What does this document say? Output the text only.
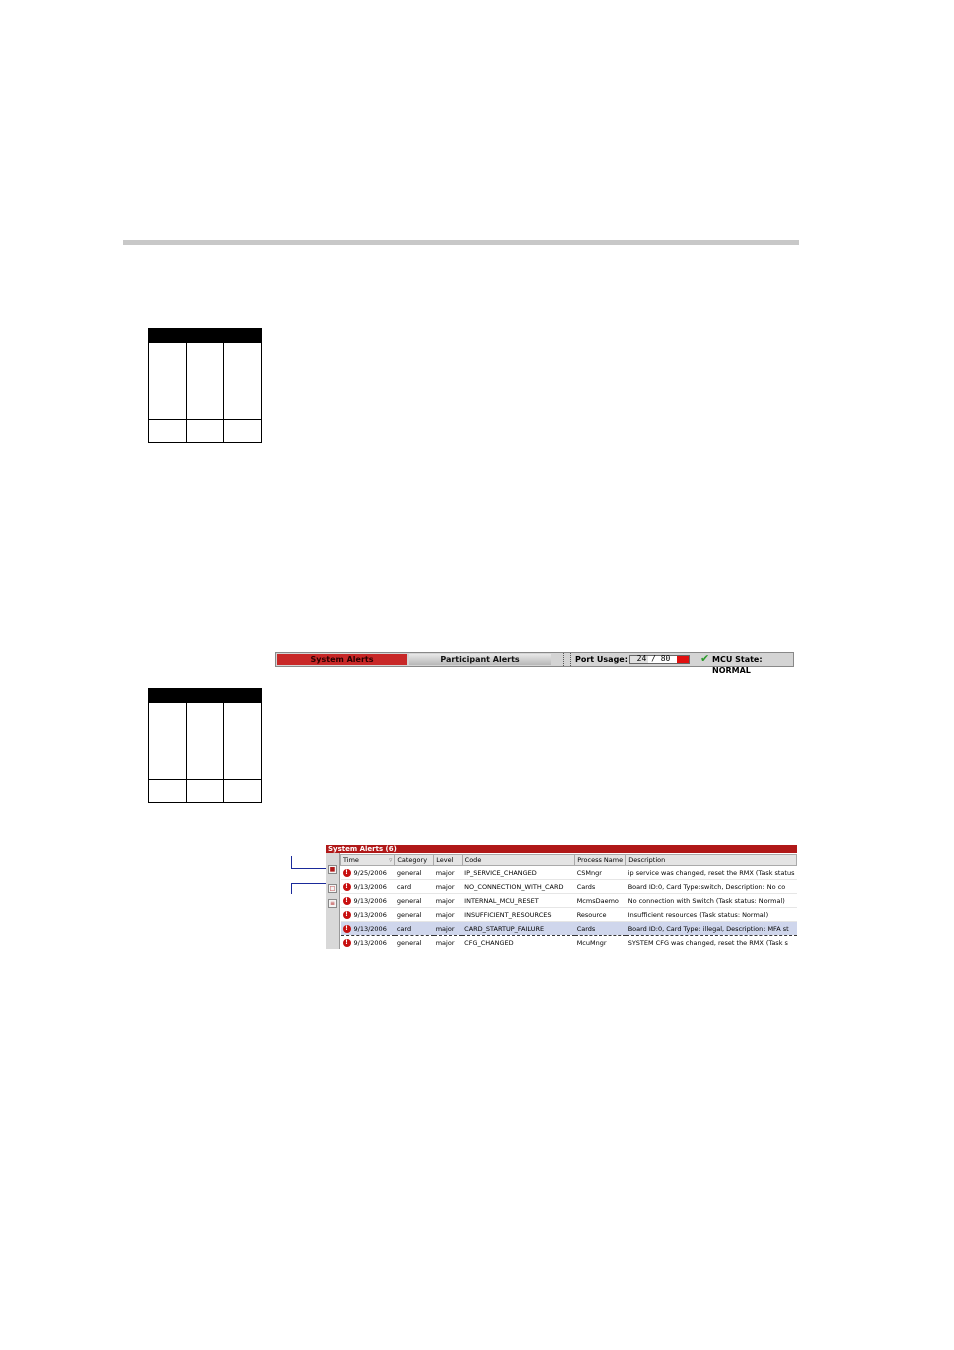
System Alerts	Participant Alerts	Port Usage:	24 / 80	✔ MCU State: NORMAL
System Alerts (6)
■
□
≡
Time ▿	Category	Level	Code	Process Name	Description
! 9/25/2006	general	major	IP_SERVICE_CHANGED	CSMngr	ip service was changed, reset the RMX (Task status
! 9/13/2006	card	major	NO_CONNECTION_WITH_CARD	Cards	Board ID:0, Card Type:switch, Description: No co
! 9/13/2006	general	major	INTERNAL_MCU_RESET	McmsDaemo	No connection with Switch (Task status: Normal)
! 9/13/2006	general	major	INSUFFICIENT_RESOURCES	Resource	Insufficient resources (Task status: Normal)
! 9/13/2006	card	major	CARD_STARTUP_FAILURE	Cards	Board ID:0, Card Type: illegal, Description: MFA st
! 9/13/2006	general	major	CFG_CHANGED	McuMngr	SYSTEM CFG was changed, reset the RMX (Task s
